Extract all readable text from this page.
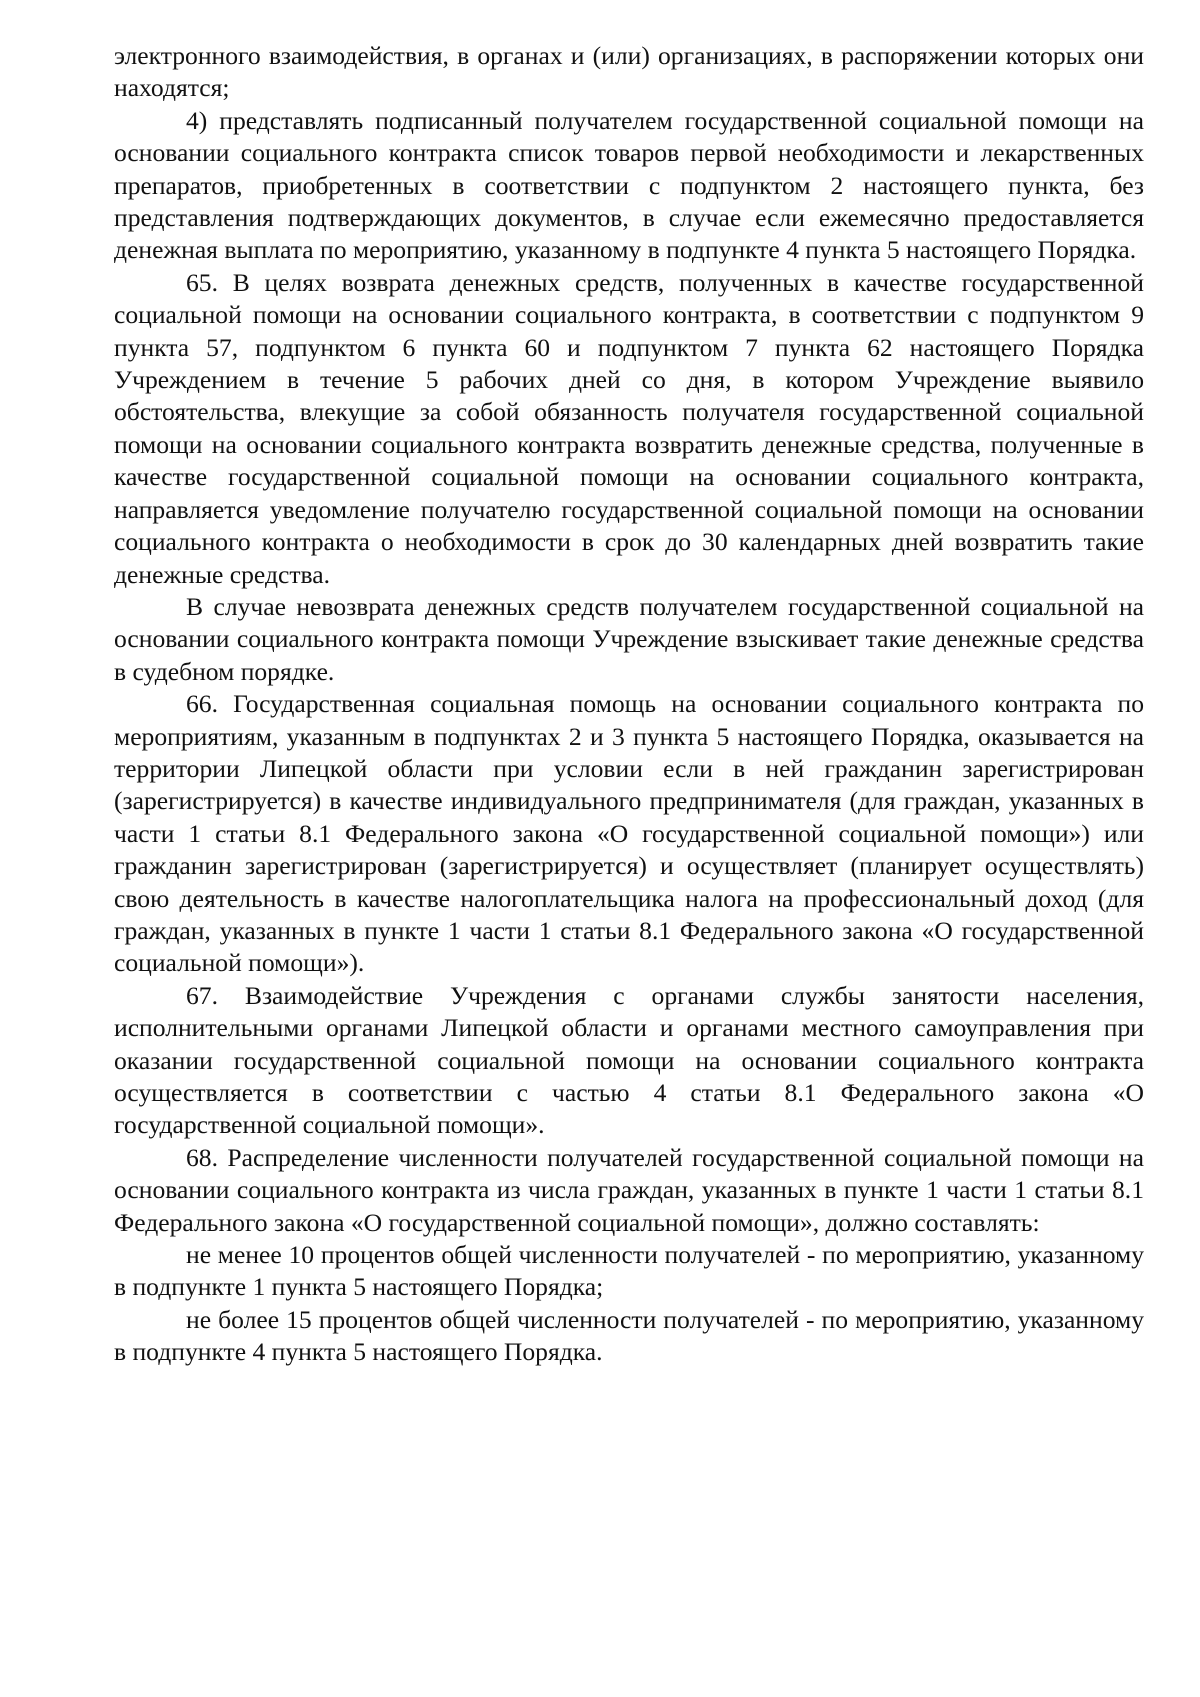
электронного взаимодействия, в органах и (или) организациях, в распоряжении которых они находятся;

4) представлять подписанный получателем государственной социальной помощи на основании социального контракта список товаров первой необходимости и лекарственных препаратов, приобретенных в соответствии с подпунктом 2 настоящего пункта, без представления подтверждающих документов, в случае если ежемесячно предоставляется денежная выплата по мероприятию, указанному в подпункте 4 пункта 5 настоящего Порядка.

65. В целях возврата денежных средств, полученных в качестве государственной социальной помощи на основании социального контракта, в соответствии с подпунктом 9 пункта 57, подпунктом 6 пункта 60 и подпунктом 7 пункта 62 настоящего Порядка Учреждением в течение 5 рабочих дней со дня, в котором Учреждение выявило обстоятельства, влекущие за собой обязанность получателя государственной социальной помощи на основании социального контракта возвратить денежные средства, полученные в качестве государственной социальной помощи на основании социального контракта, направляется уведомление получателю государственной социальной помощи на основании социального контракта о необходимости в срок до 30 календарных дней возвратить такие денежные средства.

В случае невозврата денежных средств получателем государственной социальной на основании социального контракта помощи Учреждение взыскивает такие денежные средства в судебном порядке.

66. Государственная социальная помощь на основании социального контракта по мероприятиям, указанным в подпунктах 2 и 3 пункта 5 настоящего Порядка, оказывается на территории Липецкой области при условии если в ней гражданин зарегистрирован (зарегистрируется) в качестве индивидуального предпринимателя (для граждан, указанных в части 1 статьи 8.1 Федерального закона «О государственной социальной помощи») или гражданин зарегистрирован (зарегистрируется) и осуществляет (планирует осуществлять) свою деятельность в качестве налогоплательщика налога на профессиональный доход (для граждан, указанных в пункте 1 части 1 статьи 8.1 Федерального закона «О государственной социальной помощи»).

67. Взаимодействие Учреждения с органами службы занятости населения, исполнительными органами Липецкой области и органами местного самоуправления при оказании государственной социальной помощи на основании социального контракта осуществляется в соответствии с частью 4 статьи 8.1 Федерального закона «О государственной социальной помощи».

68. Распределение численности получателей государственной социальной помощи на основании социального контракта из числа граждан, указанных в пункте 1 части 1 статьи 8.1 Федерального закона «О государственной социальной помощи», должно составлять:

не менее 10 процентов общей численности получателей - по мероприятию, указанному в подпункте 1 пункта 5 настоящего Порядка;

не более 15 процентов общей численности получателей - по мероприятию, указанному в подпункте 4 пункта 5 настоящего Порядка.
